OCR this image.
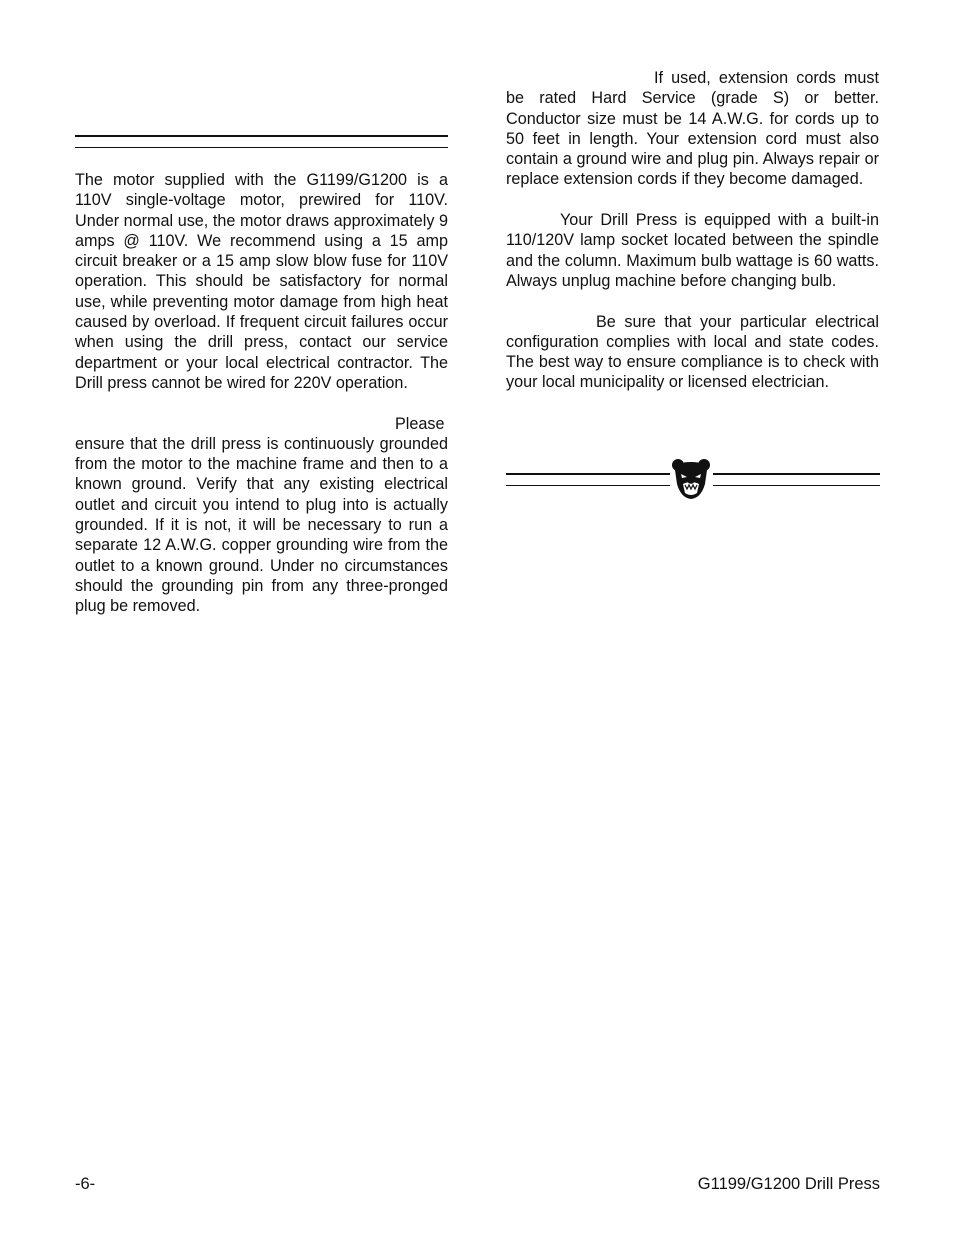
The motor supplied with the G1199/G1200 is a 110V single-voltage motor, prewired for 110V. Under normal use, the motor draws approximately 9 amps @ 110V. We recommend using a 15 amp circuit breaker or a 15 amp slow blow fuse for 110V operation. This should be satisfactory for normal use, while preventing motor damage from high heat caused by overload. If frequent circuit failures occur when using the drill press, contact our service department or your local electrical contractor. The Drill press cannot be wired for 220V operation.

Please ensure that the drill press is continuously grounded from the motor to the machine frame and then to a known ground. Verify that any existing electrical outlet and circuit you intend to plug into is actually grounded. If it is not, it will be necessary to run a separate 12 A.W.G. copper grounding wire from the outlet to a known ground. Under no circumstances should the grounding pin from any three-pronged plug be removed.

If used, extension cords must be rated Hard Service (grade S) or better. Conductor size must be 14 A.W.G. for cords up to 50 feet in length. Your extension cord must also contain a ground wire and plug pin. Always repair or replace extension cords if they become damaged.

Your Drill Press is equipped with a built-in 110/120V lamp socket located between the spindle and the column. Maximum bulb wattage is 60 watts. Always unplug machine before changing bulb.

Be sure that your particular electrical configuration complies with local and state codes. The best way to ensure compliance is to check with your local municipality or licensed electrician.

-6-	G1199/G1200 Drill Press
